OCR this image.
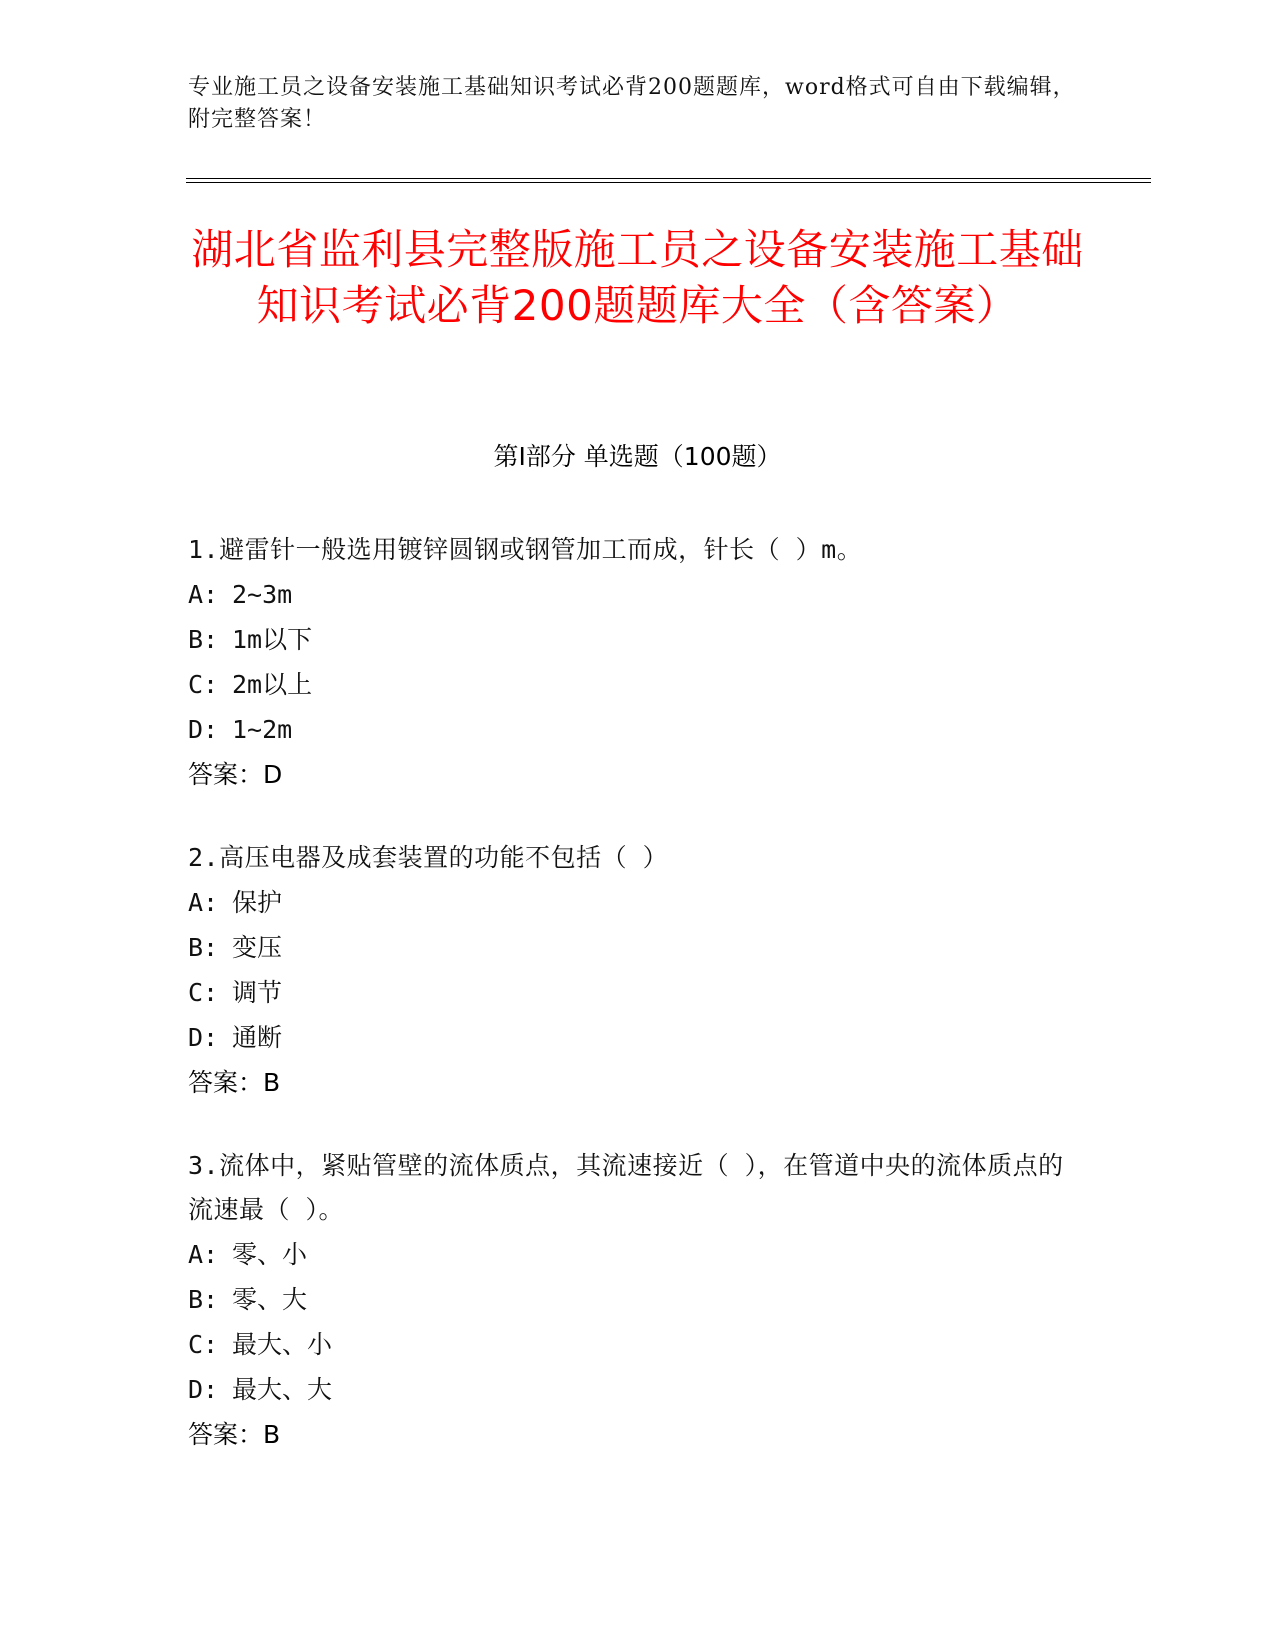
专业施工员之设备安装施工基础知识考试必背200题题库，word格式可自由下载编辑，附完整答案！
湖北省监利县完整版施工员之设备安装施工基础知识考试必背200题题库大全（含答案）
第I部分 单选题（100题）
1.避雷针一般选用镀锌圆钢或钢管加工而成，针长（ ）m。
A: 2~3m
B: 1m以下
C: 2m以上
D: 1~2m
答案：D
2.高压电器及成套装置的功能不包括（ ）
A: 保护
B: 变压
C: 调节
D: 通断
答案：B
3.流体中，紧贴管壁的流体质点，其流速接近（ ），在管道中央的流体质点的流速最（ ）。
A: 零、小
B: 零、大
C: 最大、小
D: 最大、大
答案：B
